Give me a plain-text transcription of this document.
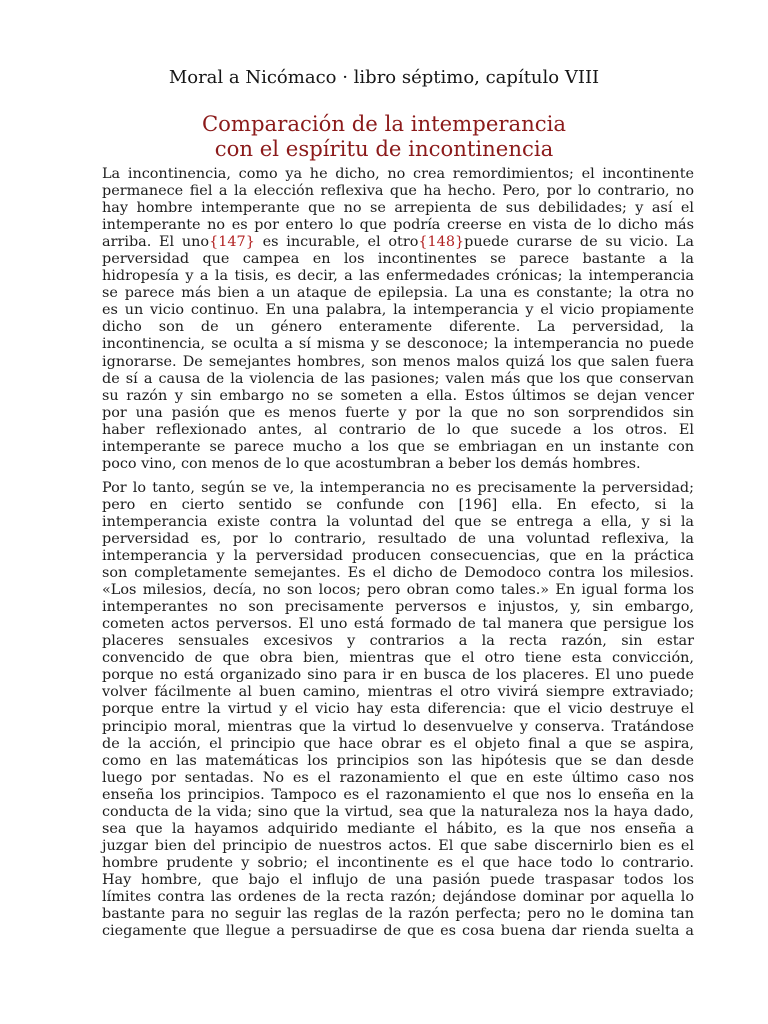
Moral a Nicómaco · libro séptimo, capítulo VIII
Comparación de la intemperancia
con el espíritu de incontinencia
La incontinencia, como ya he dicho, no crea remordimientos; el incontinente
permanece fiel a la elección reflexiva que ha hecho. Pero, por lo contrario, no
hay hombre intemperante que no se arrepienta de sus debilidades; y así el
intemperante no es por entero lo que podría creerse en vista de lo dicho más
arriba. El uno{147} es incurable, el otro{148}puede curarse de su vicio. La
perversidad que campea en los incontinentes se parece bastante a la
hidropesía y a la tisis, es decir, a las enfermedades crónicas; la intemperancia
se parece más bien a un ataque de epilepsia. La una es constante; la otra no
es un vicio continuo. En una palabra, la intemperancia y el vicio propiamente
dicho son de un género enteramente diferente. La perversidad, la
incontinencia, se oculta a sí misma y se desconoce; la intemperancia no puede
ignorarse. De semejantes hombres, son menos malos quizá los que salen fuera
de sí a causa de la violencia de las pasiones; valen más que los que conservan
su razón y sin embargo no se someten a ella. Estos últimos se dejan vencer
por una pasión que es menos fuerte y por la que no son sorprendidos sin
haber reflexionado antes, al contrario de lo que sucede a los otros. El
intemperante se parece mucho a los que se embriagan en un instante con
poco vino, con menos de lo que acostumbran a beber los demás hombres.
Por lo tanto, según se ve, la intemperancia no es precisamente la perversidad;
pero en cierto sentido se confunde con [196] ella. En efecto, si la
intemperancia existe contra la voluntad del que se entrega a ella, y si la
perversidad es, por lo contrario, resultado de una voluntad reflexiva, la
intemperancia y la perversidad producen consecuencias, que en la práctica
son completamente semejantes. Es el dicho de Demodoco contra los milesios.
«Los milesios, decía, no son locos; pero obran como tales.» En igual forma los
intemperantes no son precisamente perversos e injustos, y, sin embargo,
cometen actos perversos. El uno está formado de tal manera que persigue los
placeres sensuales excesivos y contrarios a la recta razón, sin estar
convencido de que obra bien, mientras que el otro tiene esta convicción,
porque no está organizado sino para ir en busca de los placeres. El uno puede
volver fácilmente al buen camino, mientras el otro vivirá siempre extraviado;
porque entre la virtud y el vicio hay esta diferencia: que el vicio destruye el
principio moral, mientras que la virtud lo desenvuelve y conserva. Tratándose
de la acción, el principio que hace obrar es el objeto final a que se aspira,
como en las matemáticas los principios son las hipótesis que se dan desde
luego por sentadas. No es el razonamiento el que en este último caso nos
enseña los principios. Tampoco es el razonamiento el que nos lo enseña en la
conducta de la vida; sino que la virtud, sea que la naturaleza nos la haya dado,
sea que la hayamos adquirido mediante el hábito, es la que nos enseña a
juzgar bien del principio de nuestros actos. El que sabe discernirlo bien es el
hombre prudente y sobrio; el incontinente es el que hace todo lo contrario.
Hay hombre, que bajo el influjo de una pasión puede traspasar todos los
límites contra las ordenes de la recta razón; dejándose dominar por aquella lo
bastante para no seguir las reglas de la razón perfecta; pero no le domina tan
ciegamente que llegue a persuadirse de que es cosa buena dar rienda suelta a
